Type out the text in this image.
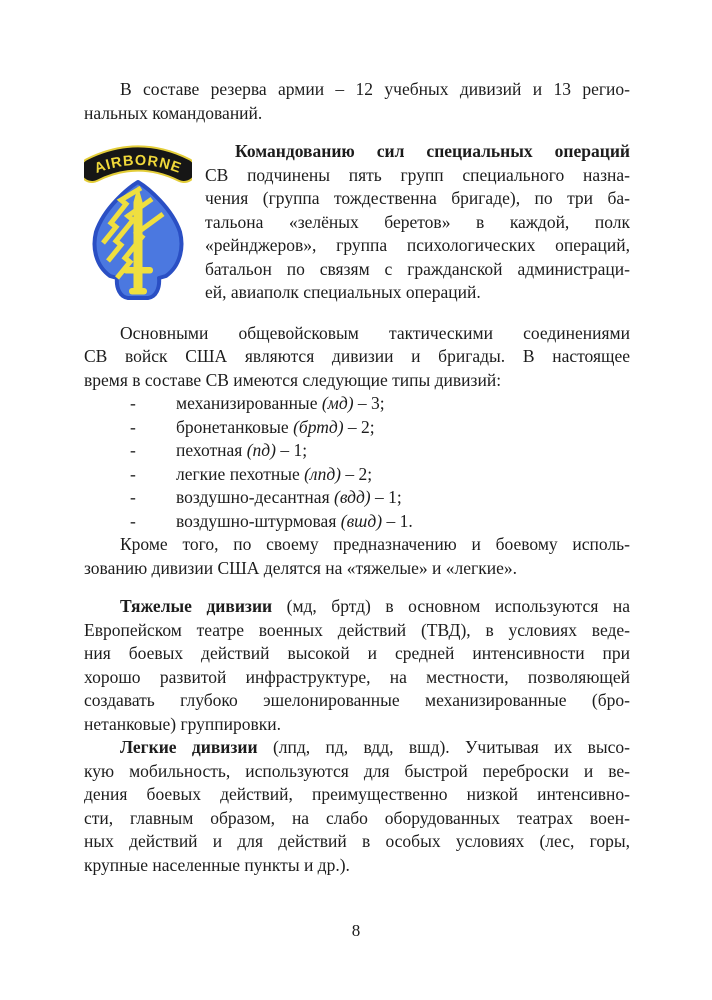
В составе резерва армии – 12 учебных дивизий и 13 регио-
нальных командований.
AIRBORNE
Командованию сил специальных операций
СВ подчинены пять групп специального назна-
чения (группа тождественна бригаде), по три ба-
тальона «зелёных беретов» в каждой, полк
«рейнджеров», группа психологических операций,
батальон по связям с гражданской администраци-
ей, авиаполк специальных операций.
Основными общевойсковым тактическими соединениями
СВ войск США являются дивизии и бригады. В настоящее
время в составе СВ имеются следующие типы дивизий:
- механизированные (мд) – 3;
- бронетанковые (бртд) – 2;
- пехотная (пд) – 1;
- легкие пехотные (лпд) – 2;
- воздушно-десантная (вдд) – 1;
- воздушно-штурмовая (вшд) – 1.
Кроме того, по своему предназначению и боевому исполь-
зованию дивизии США делятся на «тяжелые» и «легкие».
Тяжелые дивизии (мд, бртд) в основном используются на
Европейском театре военных действий (ТВД), в условиях веде-
ния боевых действий высокой и средней интенсивности при
хорошо развитой инфраструктуре, на местности, позволяющей
создавать глубоко эшелонированные механизированные (бро-
нетанковые) группировки.
Легкие дивизии (лпд, пд, вдд, вшд). Учитывая их высо-
кую мобильность, используются для быстрой переброски и ве-
дения боевых действий, преимущественно низкой интенсивно-
сти, главным образом, на слабо оборудованных театрах воен-
ных действий и для действий в особых условиях (лес, горы,
крупные населенные пункты и др.).
8
